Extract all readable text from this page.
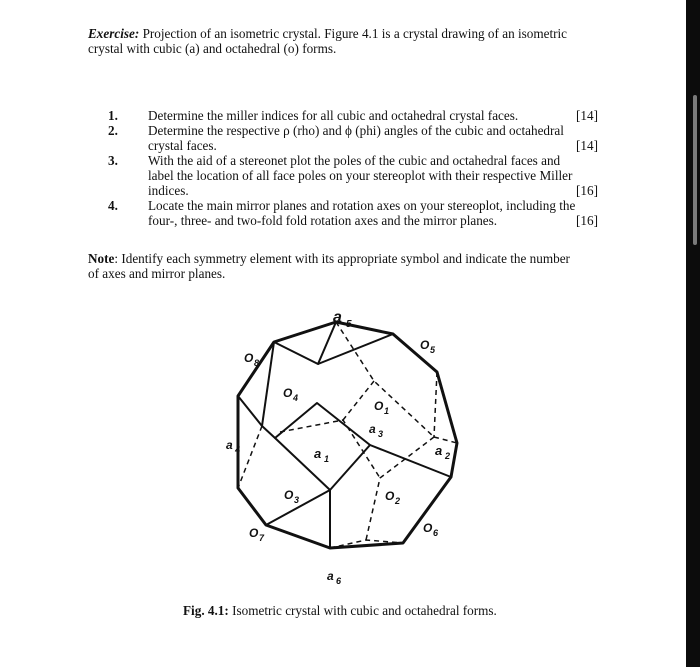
Exercise: Projection of an isometric crystal. Figure 4.1 is a crystal drawing of an isometric
crystal with cubic (a) and octahedral (o) forms.

1. Determine the miller indices for all cubic and octahedral crystal faces.	[14]
2. Determine the respective ρ (rho) and ϕ (phi) angles of the cubic and octahedral
crystal faces.	[14]
3. With the aid of a stereonet plot the poles of the cubic and octahedral faces and
label the location of all face poles on your stereoplot with their respective Miller
indices.	[16]
4. Locate the main mirror planes and rotation axes on your stereoplot, including the
four-, three- and two-fold fold rotation axes and the mirror planes.	[16]

Note: Identify each symmetry element with its appropriate symbol and indicate the number
of axes and mirror planes.

Fig. 4.1: Isometric crystal with cubic and octahedral forms.
a 5
O 8
O 5
O 4
O 1
a 3
a 4	a 1
a 2
O 3	O 2
O 6
O 7
a 6
